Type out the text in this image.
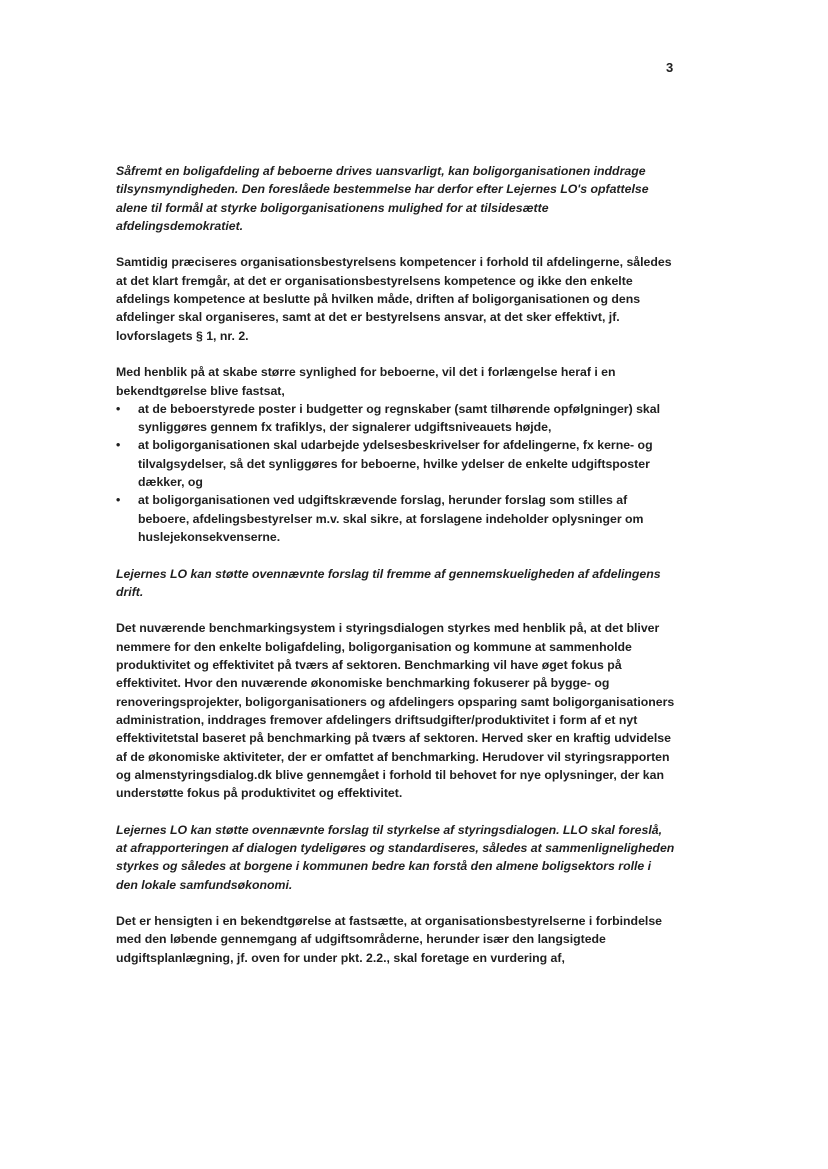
3

Såfremt en boligafdeling af beboerne drives uansvarligt, kan boligorganisationen inddrage tilsynsmyndigheden. Den foreslåede bestemmelse har derfor efter Lejernes LO's opfattelse alene til formål at styrke boligorganisationens mulighed for at tilsidesætte afdelingsdemokratiet.

Samtidig præciseres organisationsbestyrelsens kompetencer i forhold til afdelingerne, således at det klart fremgår, at det er organisationsbestyrelsens kompetence og ikke den enkelte afdelings kompetence at beslutte på hvilken måde, driften af boligorganisationen og dens afdelinger skal organiseres, samt at det er bestyrelsens ansvar, at det sker effektivt, jf. lovforslagets § 1, nr. 2.

Med henblik på at skabe større synlighed for beboerne, vil det i forlængelse heraf i en bekendtgørelse blive fastsat,

• at de beboerstyrede poster i budgetter og regnskaber (samt tilhørende opfølgninger) skal synliggøres gennem fx trafiklys, der signalerer udgiftsniveauets højde,
• at boligorganisationen skal udarbejde ydelsesbeskrivelser for afdelingerne, fx kerne- og tilvalgsydelser, så det synliggøres for beboerne, hvilke ydelser de enkelte udgiftsposter dækker, og
• at boligorganisationen ved udgiftskrævende forslag, herunder forslag som stilles af beboere, afdelingsbestyrelser m.v. skal sikre, at forslagene indeholder oplysninger om huslejekonsekvenserne.

Lejernes LO kan støtte ovennævnte forslag til fremme af gennemskueligheden af afdelingens drift.

Det nuværende benchmarkingsystem i styringsdialogen styrkes med henblik på, at det bliver nemmere for den enkelte boligafdeling, boligorganisation og kommune at sammenholde produktivitet og effektivitet på tværs af sektoren. Benchmarking vil have øget fokus på effektivitet. Hvor den nuværende økonomiske benchmarking fokuserer på bygge- og renoveringsprojekter, boligorganisationers og afdelingers opsparing samt boligorganisationers administration, inddrages fremover afdelingers driftsudgifter/produktivitet i form af et nyt effektivitetstal baseret på benchmarking på tværs af sektoren. Herved sker en kraftig udvidelse af de økonomiske aktiviteter, der er omfattet af benchmarking. Herudover vil styringsrapporten og almenstyringsdialog.dk blive gennemgået i forhold til behovet for nye oplysninger, der kan understøtte fokus på produktivitet og effektivitet.

Lejernes LO kan støtte ovennævnte forslag til styrkelse af styringsdialogen. LLO skal foreslå, at afrapporteringen af dialogen tydeligøres og standardiseres, således at sammenligneligheden styrkes og således at borgene i kommunen bedre kan forstå den almene boligsektors rolle i den lokale samfundsøkonomi.

Det er hensigten i en bekendtgørelse at fastsætte, at organisationsbestyrelserne i forbindelse med den løbende gennemgang af udgiftsområderne, herunder især den langsigtede udgiftsplanlægning, jf. oven for under pkt. 2.2., skal foretage en vurdering af,
